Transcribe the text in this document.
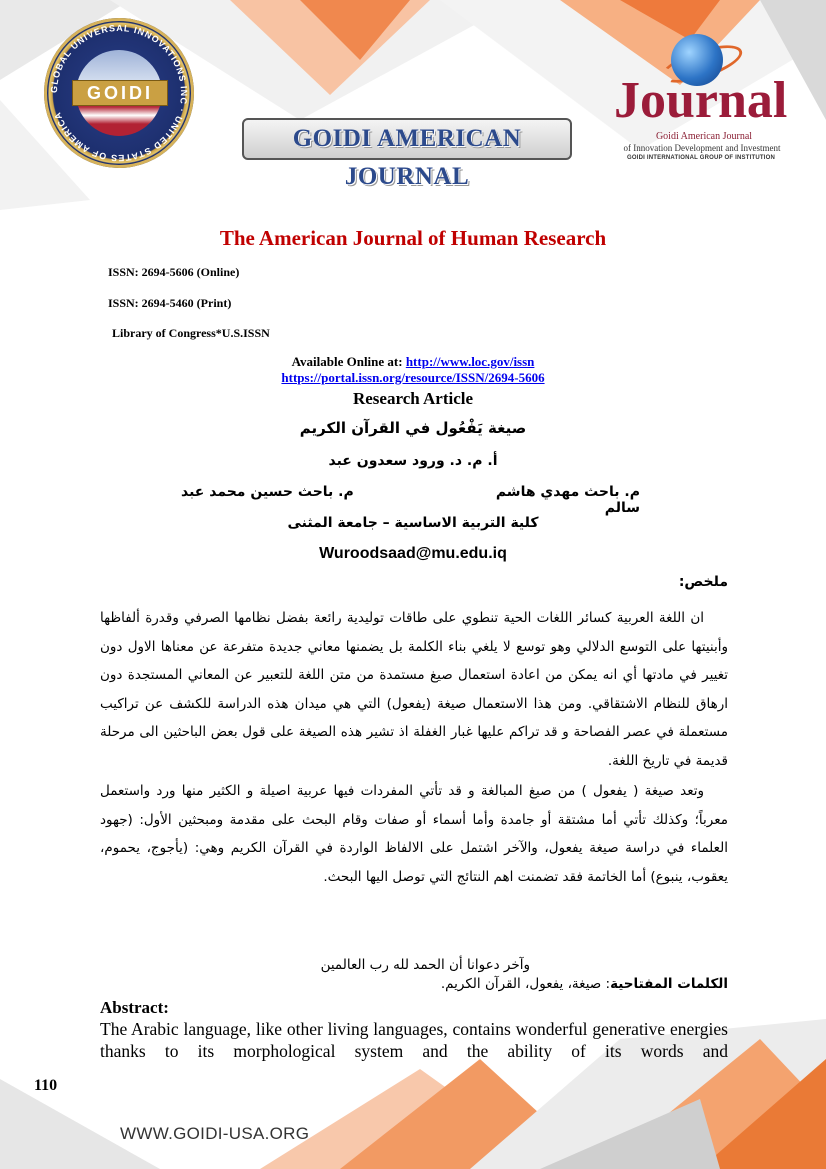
GLOBAL UNIVERSAL INNOVATIONS INC · UNITED STATES OF AMERICA
GOIDI
GOIDI AMERICAN JOURNAL
Journal
Goidi American Journal
of Innovation Development and Investment
GOIDI INTERNATIONAL GROUP OF INSTITUTION
The American Journal of Human Research
ISSN: 2694-5606 (Online)
ISSN: 2694-5460 (Print)
Library of Congress*U.S.ISSN
Available Online at: http://www.loc.gov/issn
https://portal.issn.org/resource/ISSN/2694-5606
Research Article
صيغة يَفْعُول في القرآن الكريم
أ. م. د. ورود سعدون عبد
م. باحث حسين محمد عبد	م. باحث مهدي هاشم سالم
كلية التربية الاساسية – جامعة المثنى
Wuroodsaad@mu.edu.iq
ملخص:

ان اللغة العربية كسائر اللغات الحية تنطوي على طاقات توليدية رائعة بفضل نظامها الصرفي وقدرة ألفاظها وأبنيتها على التوسع الدلالي وهو توسع لا يلغي بناء الكلمة بل يضمنها معاني جديدة متفرعة عن معناها الاول دون تغيير في مادتها أي انه يمكن من اعادة استعمال صيغ مستمدة من متن اللغة للتعبير عن المعاني المستجدة دون ارهاق للنظام الاشتقاقي. ومن هذا الاستعمال صيغة (يفعول) التي هي ميدان هذه الدراسة للكشف عن تراكيب مستعملة في عصر الفصاحة و قد تراكم عليها غبار الغفلة اذ تشير هذه الصيغة على قول بعض الباحثين الى مرحلة قديمة في تاريخ اللغة.

وتعد صيغة ( يفعول ) من صيغ المبالغة و قد تأتي المفردات فيها عربية اصيلة و الكثير منها ورد واستعمل معرباً؛ وكذلك تأتي أما مشتقة أو جامدة وأما أسماء أو صفات وقام البحث على مقدمة ومبحثين الأول: (جهود العلماء في دراسة صيغة يفعول، والآخر اشتمل على الالفاظ الواردة في القرآن الكريم وهي: (يأجوج، يحموم، يعقوب، ينبوع) أما الخاتمة فقد تضمنت اهم النتائج التي توصل اليها البحث.

وآخر دعوانا أن الحمد لله رب العالمين
الكلمات المفتاحية: صيغة، يفعول، القرآن الكريم.
Abstract:
The Arabic language, like other living languages, contains wonderful generative energies thanks to its morphological system and the ability of its words and
110
WWW.GOIDI-USA.ORG
